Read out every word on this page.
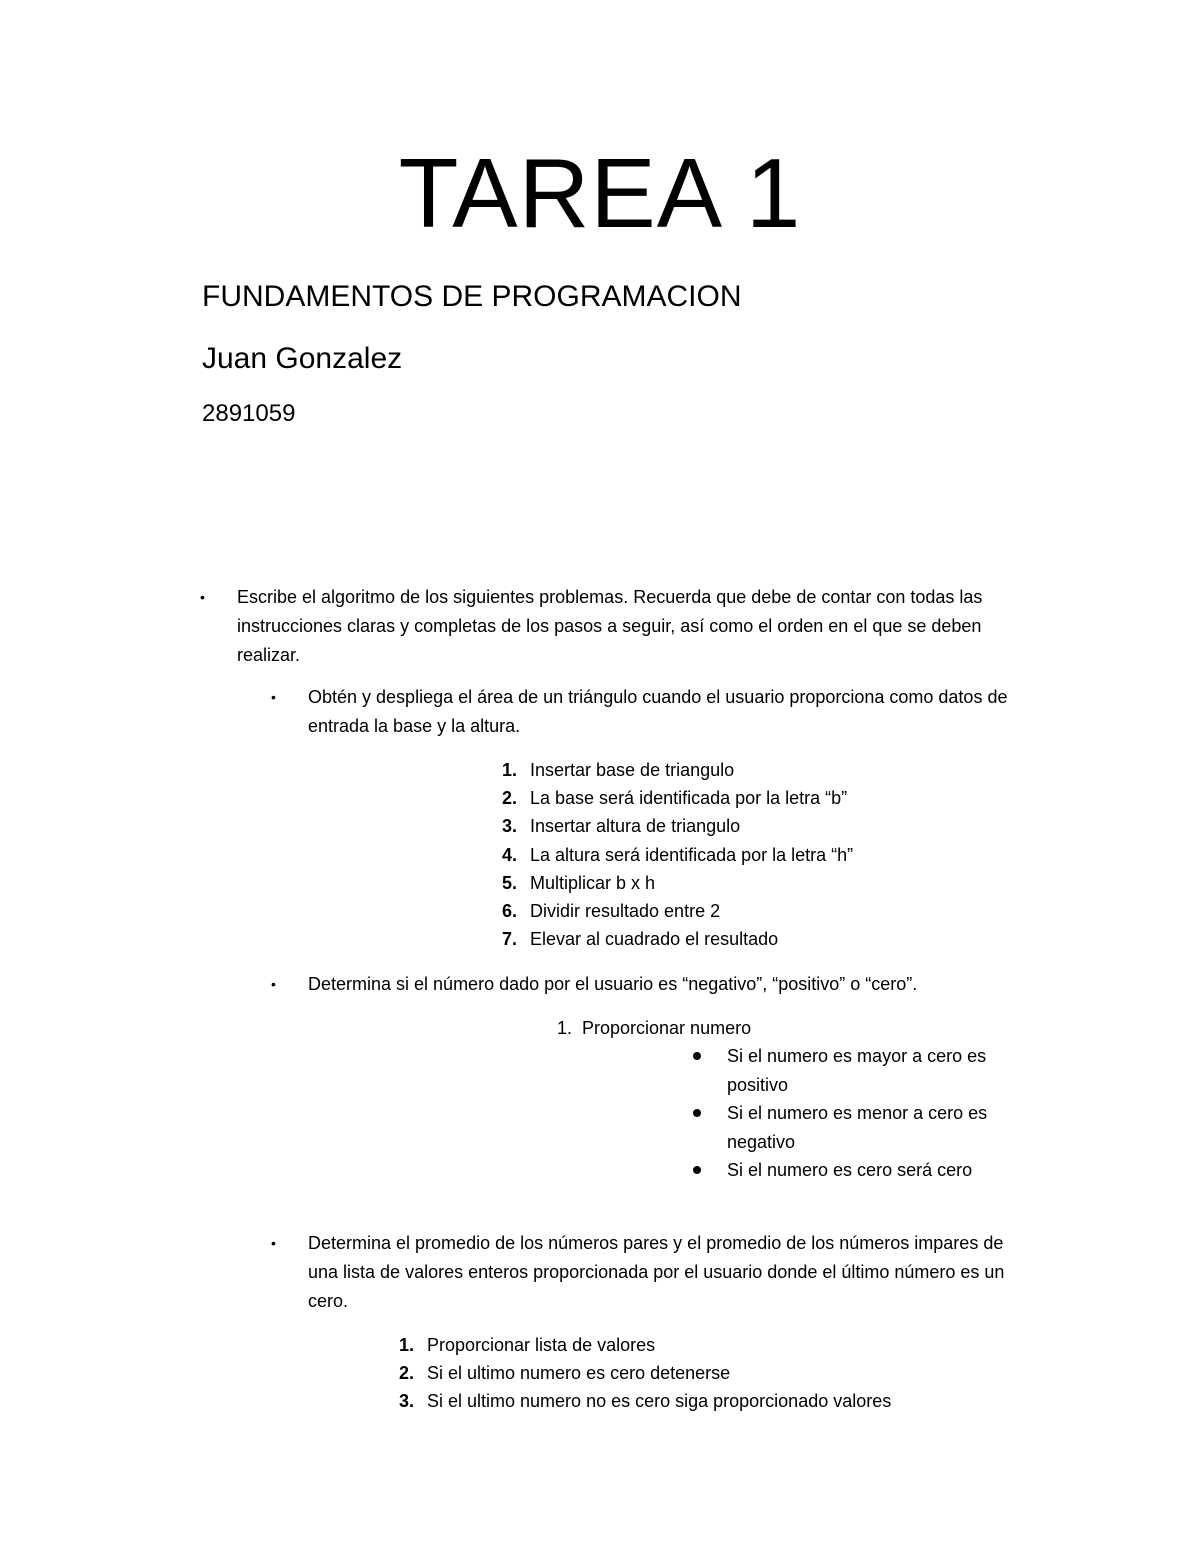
TAREA 1
FUNDAMENTOS DE PROGRAMACION
Juan Gonzalez
2891059
• Escribe el algoritmo de los siguientes problemas. Recuerda que debe de contar con todas las instrucciones claras y completas de los pasos a seguir, así como el orden en el que se deben realizar.
• Obtén y despliega el área de un triángulo cuando el usuario proporciona como datos de entrada la base y la altura.
1. Insertar base de triangulo
2. La base será identificada por la letra “b”
3. Insertar altura de triangulo
4. La altura será identificada por la letra “h”
5. Multiplicar b x h
6. Dividir resultado entre 2
7. Elevar al cuadrado el resultado
• Determina si el número dado por el usuario es “negativo”, “positivo” o “cero”.
1. Proporcionar numero
Si el numero es mayor a cero es positivo
Si el numero es menor a cero es negativo
Si el numero es cero será cero
• Determina el promedio de los números pares y el promedio de los números impares de una lista de valores enteros proporcionada por el usuario donde el último número es un cero.
1. Proporcionar lista de valores
2. Si el ultimo numero es cero detenerse
3. Si el ultimo numero no es cero siga proporcionado valores
